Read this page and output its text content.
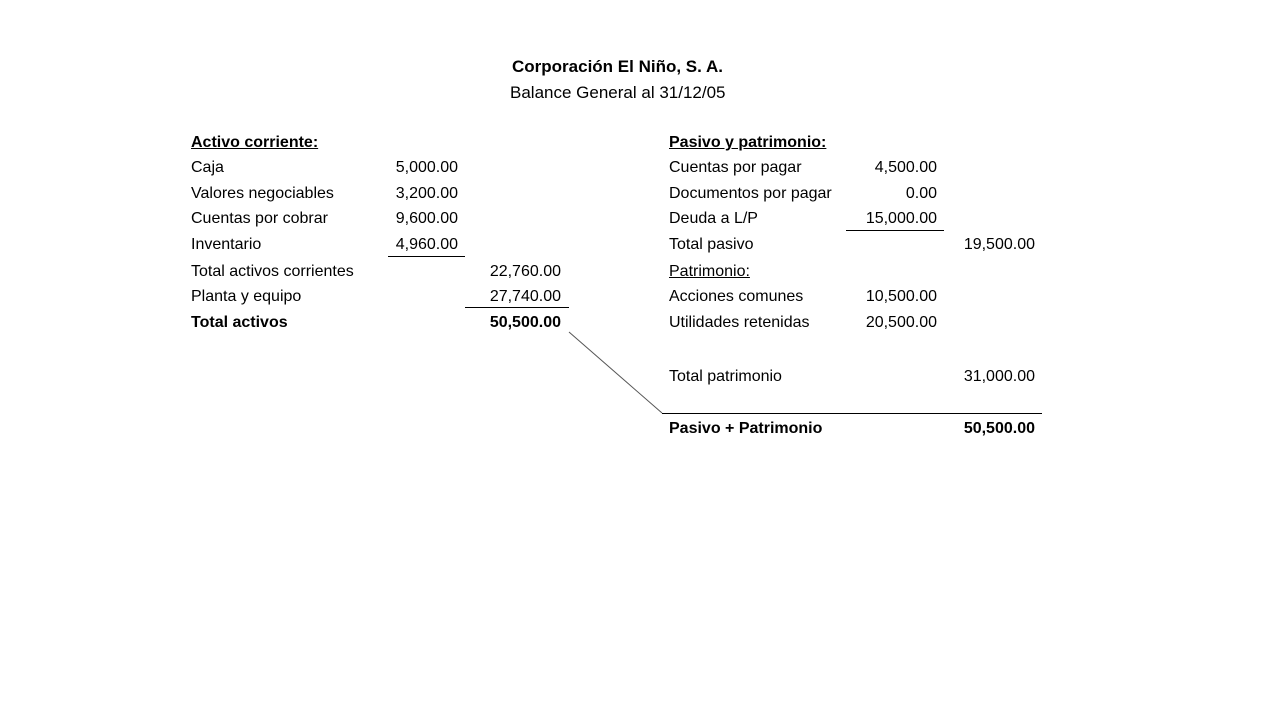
Corporación El Niño, S. A.
Balance General al 31/12/05
Activo corriente:
Caja	5,000.00
Valores negociables	3,200.00
Cuentas por cobrar	9,600.00
Inventario	4,960.00
Total activos corrientes	22,760.00
Planta y equipo	27,740.00
Total activos	50,500.00
Pasivo y patrimonio:
Cuentas por pagar	4,500.00
Documentos por pagar	0.00
Deuda a L/P	15,000.00
Total pasivo	19,500.00
Patrimonio:
Acciones comunes	10,500.00
Utilidades retenidas	20,500.00
Total patrimonio	31,000.00
Pasivo + Patrimonio	50,500.00
